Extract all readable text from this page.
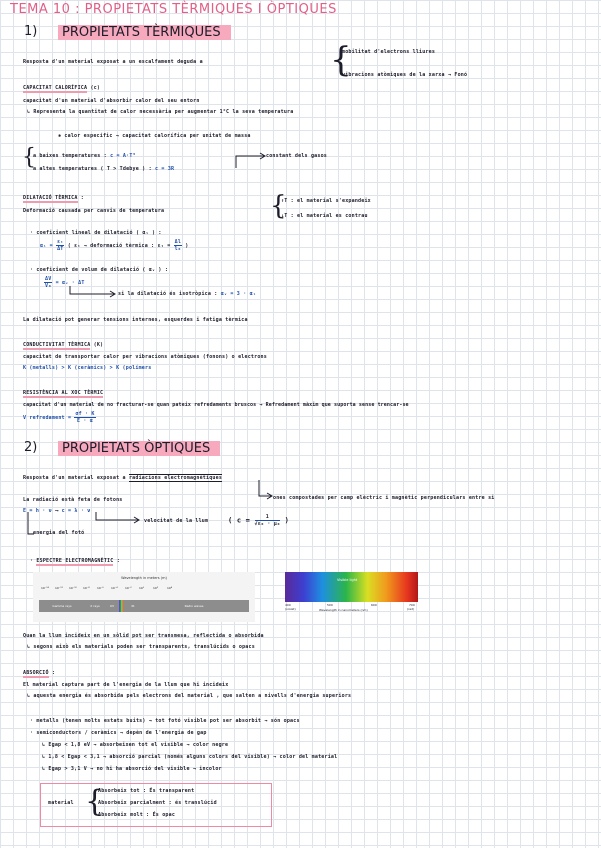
TEMA 10 : PROPIETATS TÈRMIQUES I ÒPTIQUES
1)	PROPIETATS TÈRMIQUES
Resposta d'un material exposat a un escalfament deguda a	{
mobilitat d'electrons lliures
vibracions atòmiques de la xarxa → Fonó
CAPACITAT CALORÍFICA (c)
capacitat d'un material d'absorbir calor del seu entorn
↳ Representa la quantitat de calor necessària per augmentar 1°C la seva temperatura
✱ calor específic → capacitat calorífica per unitat de massa
{
a baixes temperatures : c = A·T³
a altes temperatures ( T > Tdebye ) : c = 3R
constant dels gasos
DILATACIÓ TÈRMICA :
Deformació causada per canvis de temperatura	{
↑T : el material s'expandeix
↓T : el material es contrau
· coeficient lineal de dilatació ( αₗ ) :
$\alpha_l = \frac{\text{εₜ}}{\Delta T}$ ( εₜ → deformació tèrmica : $\varepsilon_t = \frac{\Delta l}{\text{l₀}}$ )
· coeficient de volum de dilatació ( αᵥ ) :
$\frac{\Delta V}{\text{V₀}}$ = αᵥ · ΔT
si la dilatació és isotròpica : αᵥ = 3 · αₗ
La dilatació pot generar tensions internes, esquerdes i fatiga tèrmica
CONDUCTIVITAT TÈRMICA (K)
capacitat de transportar calor per vibracions atòmiques (fonons) o electrons
K (metalls) > K (ceràmics) > K (polímers
RESISTÈNCIA AL XOC TÈRMIC
capacitat d'un material de no fracturar-se quan pateix refredaments bruscos → Refredament màxim que suporta sense trencar-se
V refredament = $\frac{\sigma f \cdot K}{E \cdot \alpha}$
2)	PROPIETATS ÒPTIQUES
Resposta d'un material exposat a radiacions electromagnètiques
La radiació està feta de fotons	ones compostades per camp elèctric i magnètic perpendiculars entre si
E = h · ν ⟶ c = λ · ν
velocitat de la llum	( $c = \frac{1}{\text{√ε₀ · μ₀}}$ )
energia del fotó
· ESPECTRE ELECTROMAGNÈTIC :
Wavelength in meters (m)
10⁻¹⁴ 10⁻¹² 10⁻¹⁰ 10⁻⁸ 10⁻⁶ 10⁻⁴ 10⁻² 10⁰	10²	10⁴
Gamma rays	X rays	UV	IR	Radio waves
Visible light
400	500	600	700
(violet)	(red)
Wavelength in nanometers (nm)
Quan la llum incideix en un sòlid pot ser transmesa, reflectida o absorbida
↳ segons això els materials poden ser transparents, translúcids o opacs
ABSORCIÓ :
El material captura part de l'energia de la llum que hi incideix
↳ aquesta energia és absorbida pels electrons del material , que salten a nivells d'energia superiors
· metalls (tenen molts estats buits) → tot fotó visible pot ser absorbit → són opacs
· semiconductors / ceràmics → depèn de l'energia de gap
↳ Egap < 1,8 eV → absorbeixen tot el visible → color negre
↳ 1,8 < Egap < 3,1 → absorció parcial (només alguns colors del visible) → color del material
↳ Egap > 3,1 V → no hi ha absorció del visible → incolor
material {
Absorbeix tot : És transparent
Absorbeix parcialment : és translúcid
Absorbeix molt : És opac
